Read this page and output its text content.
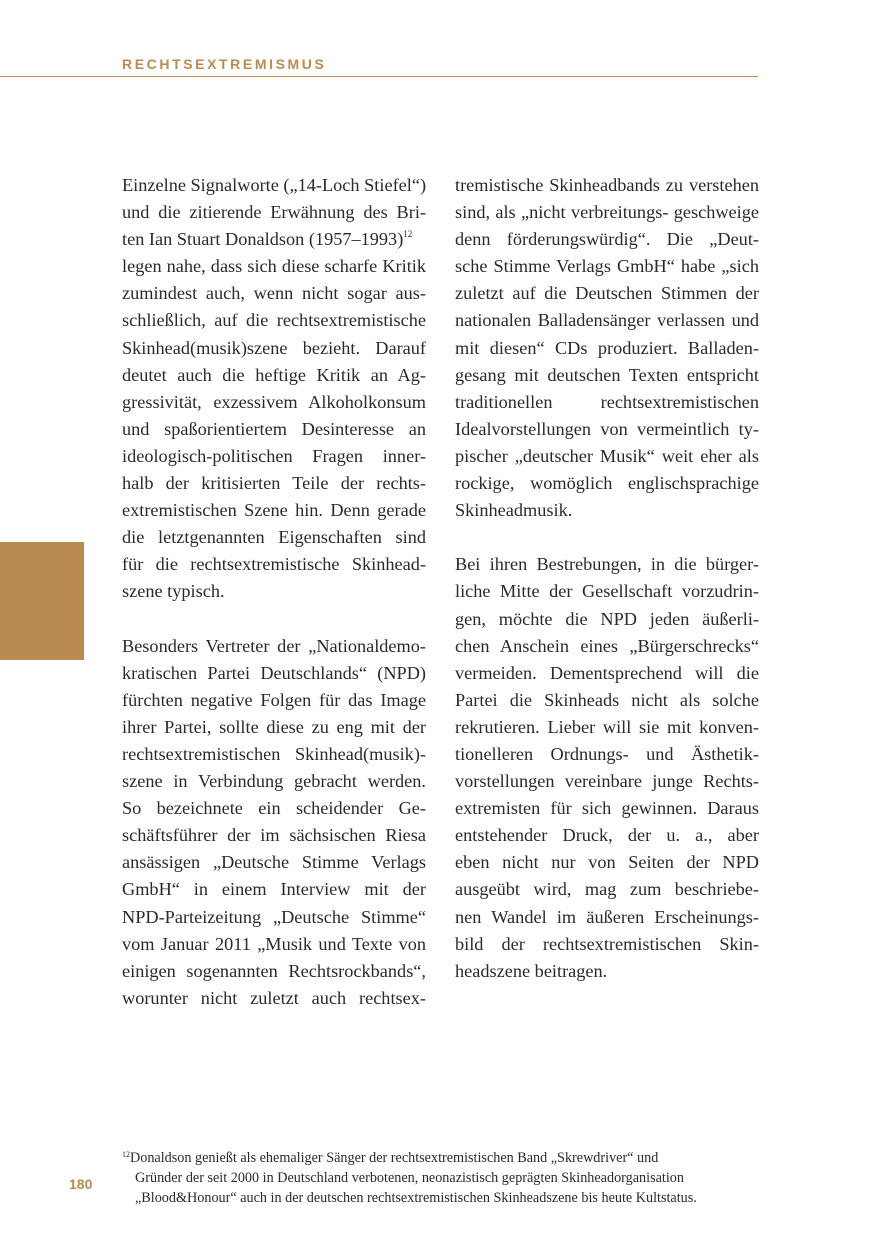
RECHTSEXTREMISMUS

Einzelne Signalworte („14-Loch Stiefel“)
und die zitierende Erwähnung des Bri-
ten Ian Stuart Donaldson (1957–1993)$^{12}$
legen nahe, dass sich diese scharfe Kritik
zumindest auch, wenn nicht sogar aus-
schließlich, auf die rechtsextremistische
Skinhead(musik)szene bezieht. Darauf
deutet auch die heftige Kritik an Ag-
gressivität, exzessivem Alkoholkonsum
und spaßorientiertem Desinteresse an
ideologisch-politischen Fragen inner-
halb der kritisierten Teile der rechts-
extremistischen Szene hin. Denn gerade
die letztgenannten Eigenschaften sind
für die rechtsextremistische Skinhead-
szene typisch.

Besonders Vertreter der „Nationaldemo-
kratischen Partei Deutschlands“ (NPD)
fürchten negative Folgen für das Image
ihrer Partei, sollte diese zu eng mit der
rechtsextremistischen Skinhead(musik)-
szene in Verbindung gebracht werden.
So bezeichnete ein scheidender Ge-
schäftsführer der im sächsischen Riesa
ansässigen „Deutsche Stimme Verlags
GmbH“ in einem Interview mit der
NPD-Parteizeitung „Deutsche Stimme“
vom Januar 2011 „Musik und Texte von
einigen sogenannten Rechtsrockbands“,
worunter nicht zuletzt auch rechtsex-

tremistische Skinheadbands zu verstehen
sind, als „nicht verbreitungs- geschweige
denn förderungswürdig“. Die „Deut-
sche Stimme Verlags GmbH“ habe „sich
zuletzt auf die Deutschen Stimmen der
nationalen Balladensänger verlassen und
mit diesen“ CDs produziert. Balladen-
gesang mit deutschen Texten entspricht
traditionellen rechtsextremistischen
Idealvorstellungen von vermeintlich ty-
pischer „deutscher Musik“ weit eher als
rockige, womöglich englischsprachige
Skinheadmusik.

Bei ihren Bestrebungen, in die bürger-
liche Mitte der Gesellschaft vorzudrin-
gen, möchte die NPD jeden äußerli-
chen Anschein eines „Bürgerschrecks“
vermeiden. Dementsprechend will die
Partei die Skinheads nicht als solche
rekrutieren. Lieber will sie mit konven-
tionelleren Ordnungs- und Ästhetik-
vorstellungen vereinbare junge Rechts-
extremisten für sich gewinnen. Daraus
entstehender Druck, der u. a., aber
eben nicht nur von Seiten der NPD
ausgeübt wird, mag zum beschriebe-
nen Wandel im äußeren Erscheinungs-
bild der rechtsextremistischen Skin-
headszene beitragen.

180
$^{12}$Donaldson genießt als ehemaliger Sänger der rechtsextremistischen Band „Skrewdriver“ und
Gründer der seit 2000 in Deutschland verbotenen, neonazistisch geprägten Skinheadorganisation
„Blood&Honour“ auch in der deutschen rechtsextremistischen Skinheadszene bis heute Kultstatus.
